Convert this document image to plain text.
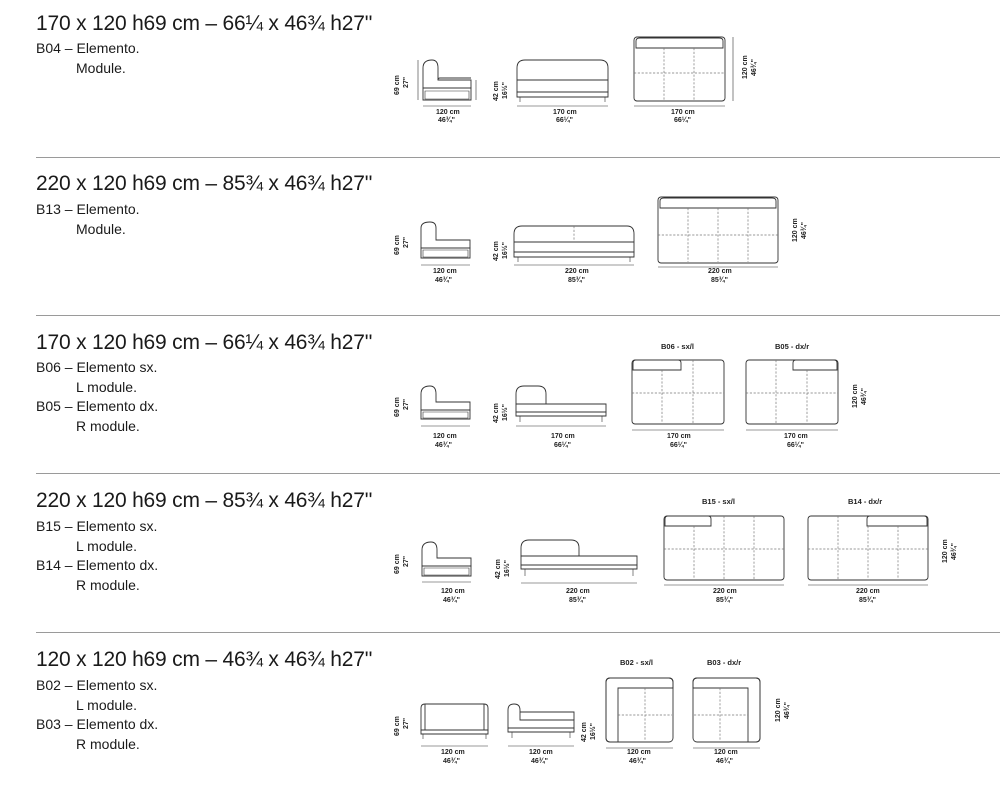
170 x 120 h69 cm – 66¼ x 46¾ h27''
B04 – Elemento.
Module.
69 cm 27"	42 cm 16½"
120 cm
46¾"
170 cm
66¼"
170 cm
66¼"
120 cm 46¾"
220 x 120 h69 cm – 85¾ x 46¾ h27''
B13 – Elemento.
Module.
69 cm 27"	42 cm 16½"
120 cm
46¾"
220 cm
85¾"
220 cm
85¾"
120 cm 46¾"
170 x 120 h69 cm – 66¼ x 46¾ h27''
B06 – Elemento sx.
L module.
B05 – Elemento dx.
R module.
69 cm 27"	42 cm 16½"
120 cm
46¾"
170 cm
66¼"
B06 - sx/l	B05 - dx/r
170 cm
66¼"
170 cm
66¼"
120 cm 46¾"
220 x 120 h69 cm – 85¾ x 46¾ h27''
B15 – Elemento sx.
L module.
B14 – Elemento dx.
R module.
69 cm 27"	42 cm 16½"
120 cm
46¾"
220 cm
85¾"
B15 - sx/l	B14 - dx/r
220 cm
85¾"
220 cm
85¾"
120 cm 46¾"
120 x 120 h69 cm – 46¾ x 46¾ h27''
B02 – Elemento sx.
L module.
B03 – Elemento dx.
R module.
69 cm 27"
120 cm
46¾"
120 cm
46¾"
42 cm 16½"
B02 - sx/l	B03 - dx/r
120 cm
46¾"
120 cm
46¾"
120 cm 46¾"
